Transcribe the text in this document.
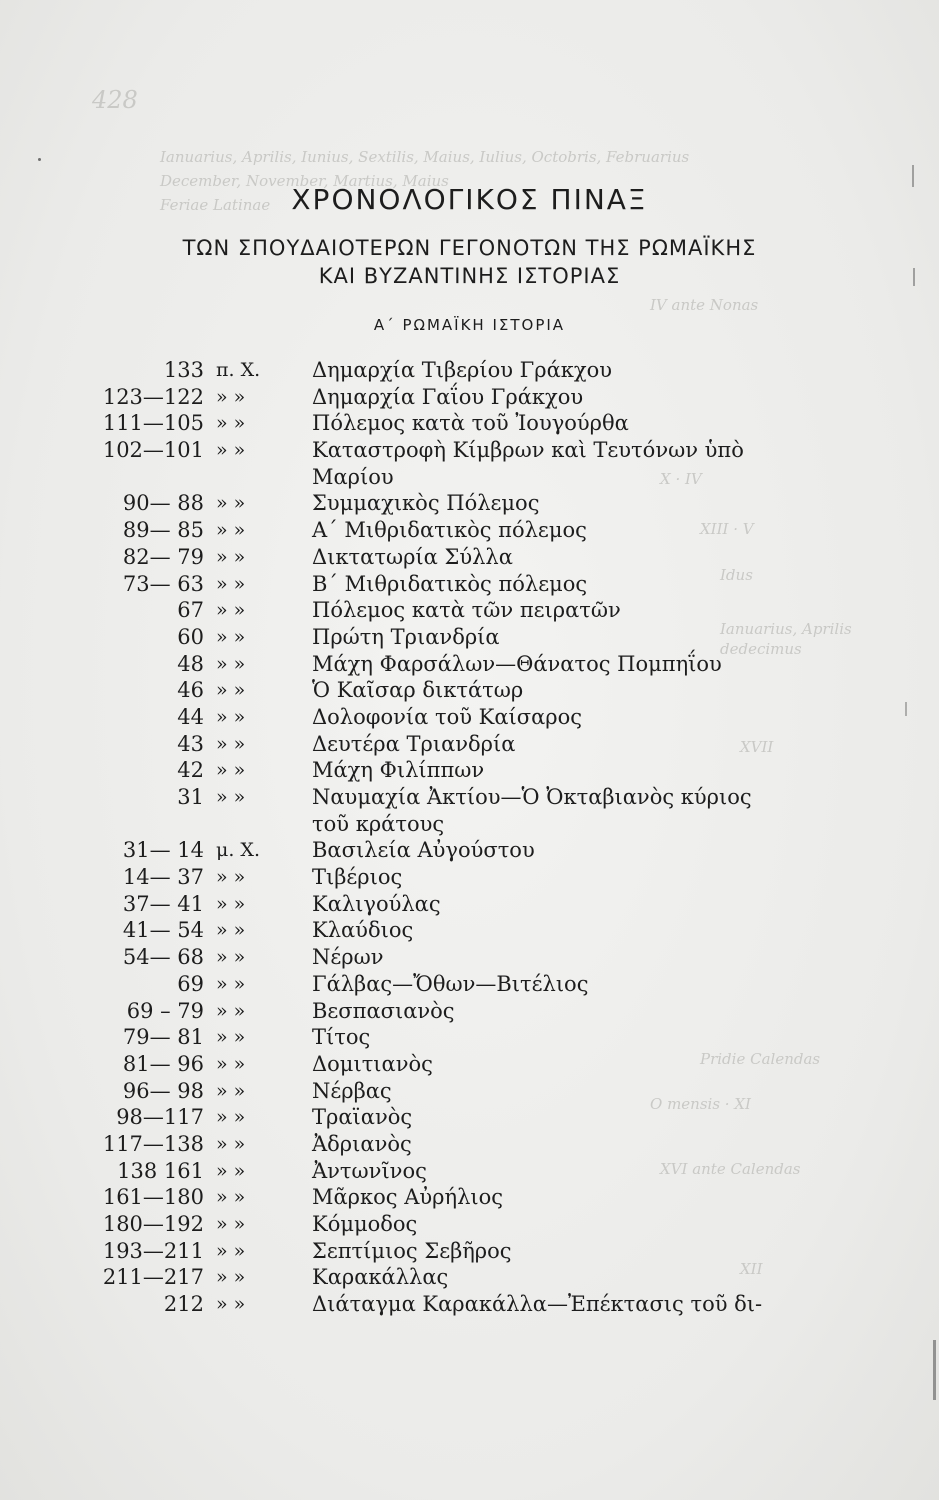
428
Ianuarius, Aprilis, Iunius, Sextilis, Maius, Iulius, Octobris, Februarius
December, November, Martius, Maius
Feriae Latinae
IV ante Nonas
X · IV
XIII · V
Idus
Ianuarius, Aprilis
dedecimus
XVII
Pridie Calendas
O mensis · XI
XVI ante Calendas
XII
ΧΡΟΝΟΛΟΓΙΚΟΣ ΠΙΝΑΞ
ΤΩΝ ΣΠΟΥΔΑΙΟΤΕΡΩΝ ΓΕΓΟΝΟΤΩΝ ΤΗΣ ΡΩΜΑΪΚΗΣ
ΚΑΙ ΒΥΖΑΝΤΙΝΗΣ ΙΣΤΟΡΙΑΣ
Α΄ ΡΩΜΑΪΚΗ ΙΣΤΟΡΙΑ
133 π. Χ.	Δημαρχία Τιβερίου Γράκχου
123—122 » »	Δημαρχία Γαΐου Γράκχου
111—105 » »	Πόλεμος κατὰ τοῦ Ἰουγούρθα
102—101 » »	Καταστροφὴ Κίμβρων καὶ Τευτόνων ὑπὸ
Μαρίου
90— 88 » »	Συμμαχικὸς Πόλεμος
89— 85 » »	Α΄ Μιθριδατικὸς πόλεμος
82— 79 » »	Δικτατωρία Σύλλα
73— 63 » »	Β΄ Μιθριδατικὸς πόλεμος
67 » »	Πόλεμος κατὰ τῶν πειρατῶν
60 » »	Πρώτη Τριανδρία
48 » »	Μάχη Φαρσάλων—Θάνατος Πομπηΐου
46 » »	Ὁ Καῖσαρ δικτάτωρ
44 » »	Δολοφονία τοῦ Καίσαρος
43 » »	Δευτέρα Τριανδρία
42 » »	Μάχη Φιλίππων
31 » »	Ναυμαχία Ἀκτίου—Ὁ Ὀκταβιανὸς κύριος
τοῦ κράτους
31— 14 μ. Χ.	Βασιλεία Αὐγούστου
14— 37 » »	Τιβέριος
37— 41 » »	Καλιγούλας
41— 54 » »	Κλαύδιος
54— 68 » »	Νέρων
69 » »	Γάλβας—Ὄθων—Βιτέλιος
69 – 79 » »	Βεσπασιανὸς
79— 81 » »	Τίτος
81— 96 » »	Δομιτιανὸς
96— 98 » »	Νέρβας
98—117 » »	Τραϊανὸς
117—138 » »	Ἀδριανὸς
138 161 » »	Ἀντωνῖνος
161—180 » »	Μᾶρκος Αὐρήλιος
180—192 » »	Κόμμοδος
193—211 » »	Σεπτίμιος Σεβῆρος
211—217 » »	Καρακάλλας
212 » »	Διάταγμα Καρακάλλα—Ἐπέκτασις τοῦ δι-
